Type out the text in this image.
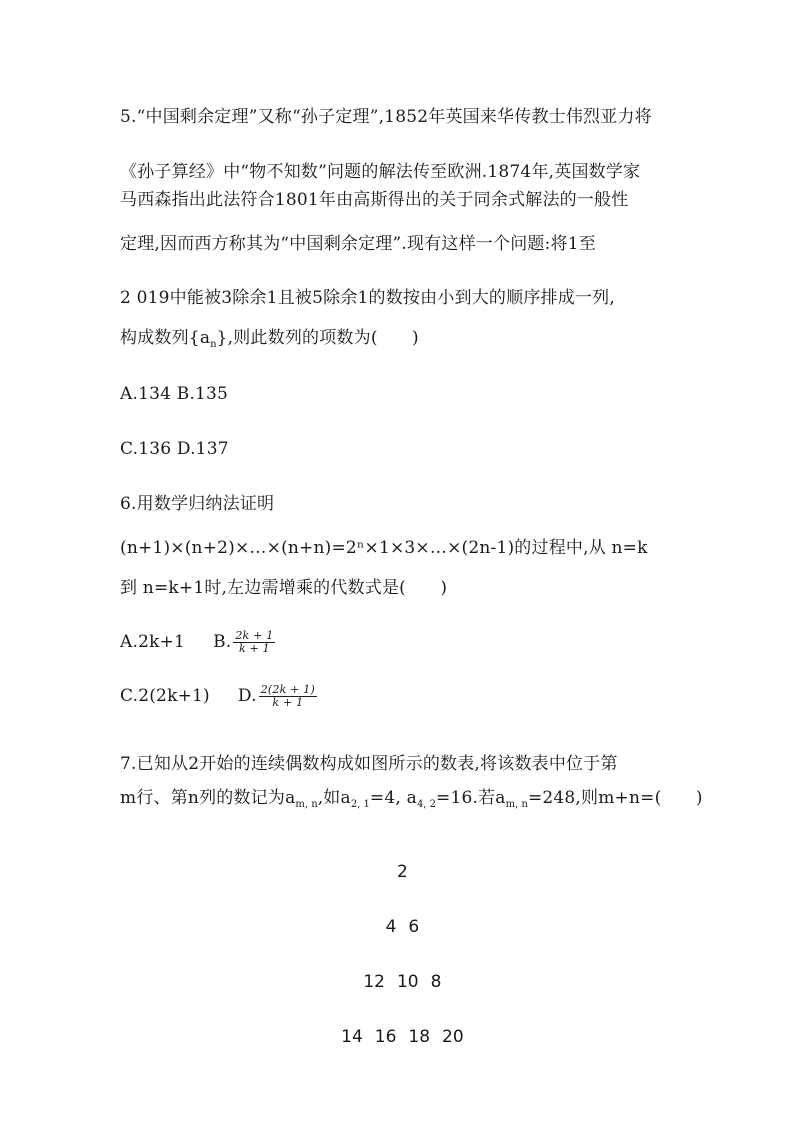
5.“中国剩余定理”又称“孙子定理”,1852年英国来华传教士伟烈亚力将
《孙子算经》中“物不知数”问题的解法传至欧洲.1874年,英国数学家
马西森指出此法符合1801年由高斯得出的关于同余式解法的一般性
定理,因而西方称其为“中国剩余定理”.现有这样一个问题:将1至
2 019中能被3除余1且被5除余1的数按由小到大的顺序排成一列,
构成数列$\{a_n\}$,则此数列的项数为(　　)
A.134 B.135
C.136 D.137
6.用数学归纳法证明
(n+1)×(n+2)×…×(n+n)=2ⁿ×1×3×…×(2n-1)的过程中,从 n=k
到 n=k+1时,左边需增乘的代数式是(　　)
A.2k+1 B. $\frac{2k + 1}{k + 1}$
C.2(2k+1) D. $\frac{2(2k + 1)}{k + 1}$
7.已知从2开始的连续偶数构成如图所示的数表,将该数表中位于第
m行、第n列的数记为$a_{m, n}$,如$a_{2, 1}=4$, $a_{4, 2}=16$.若$a_{m, n}=248$,则m+n=(　　)

2

4 6

12 10 8

14 16 18 20
